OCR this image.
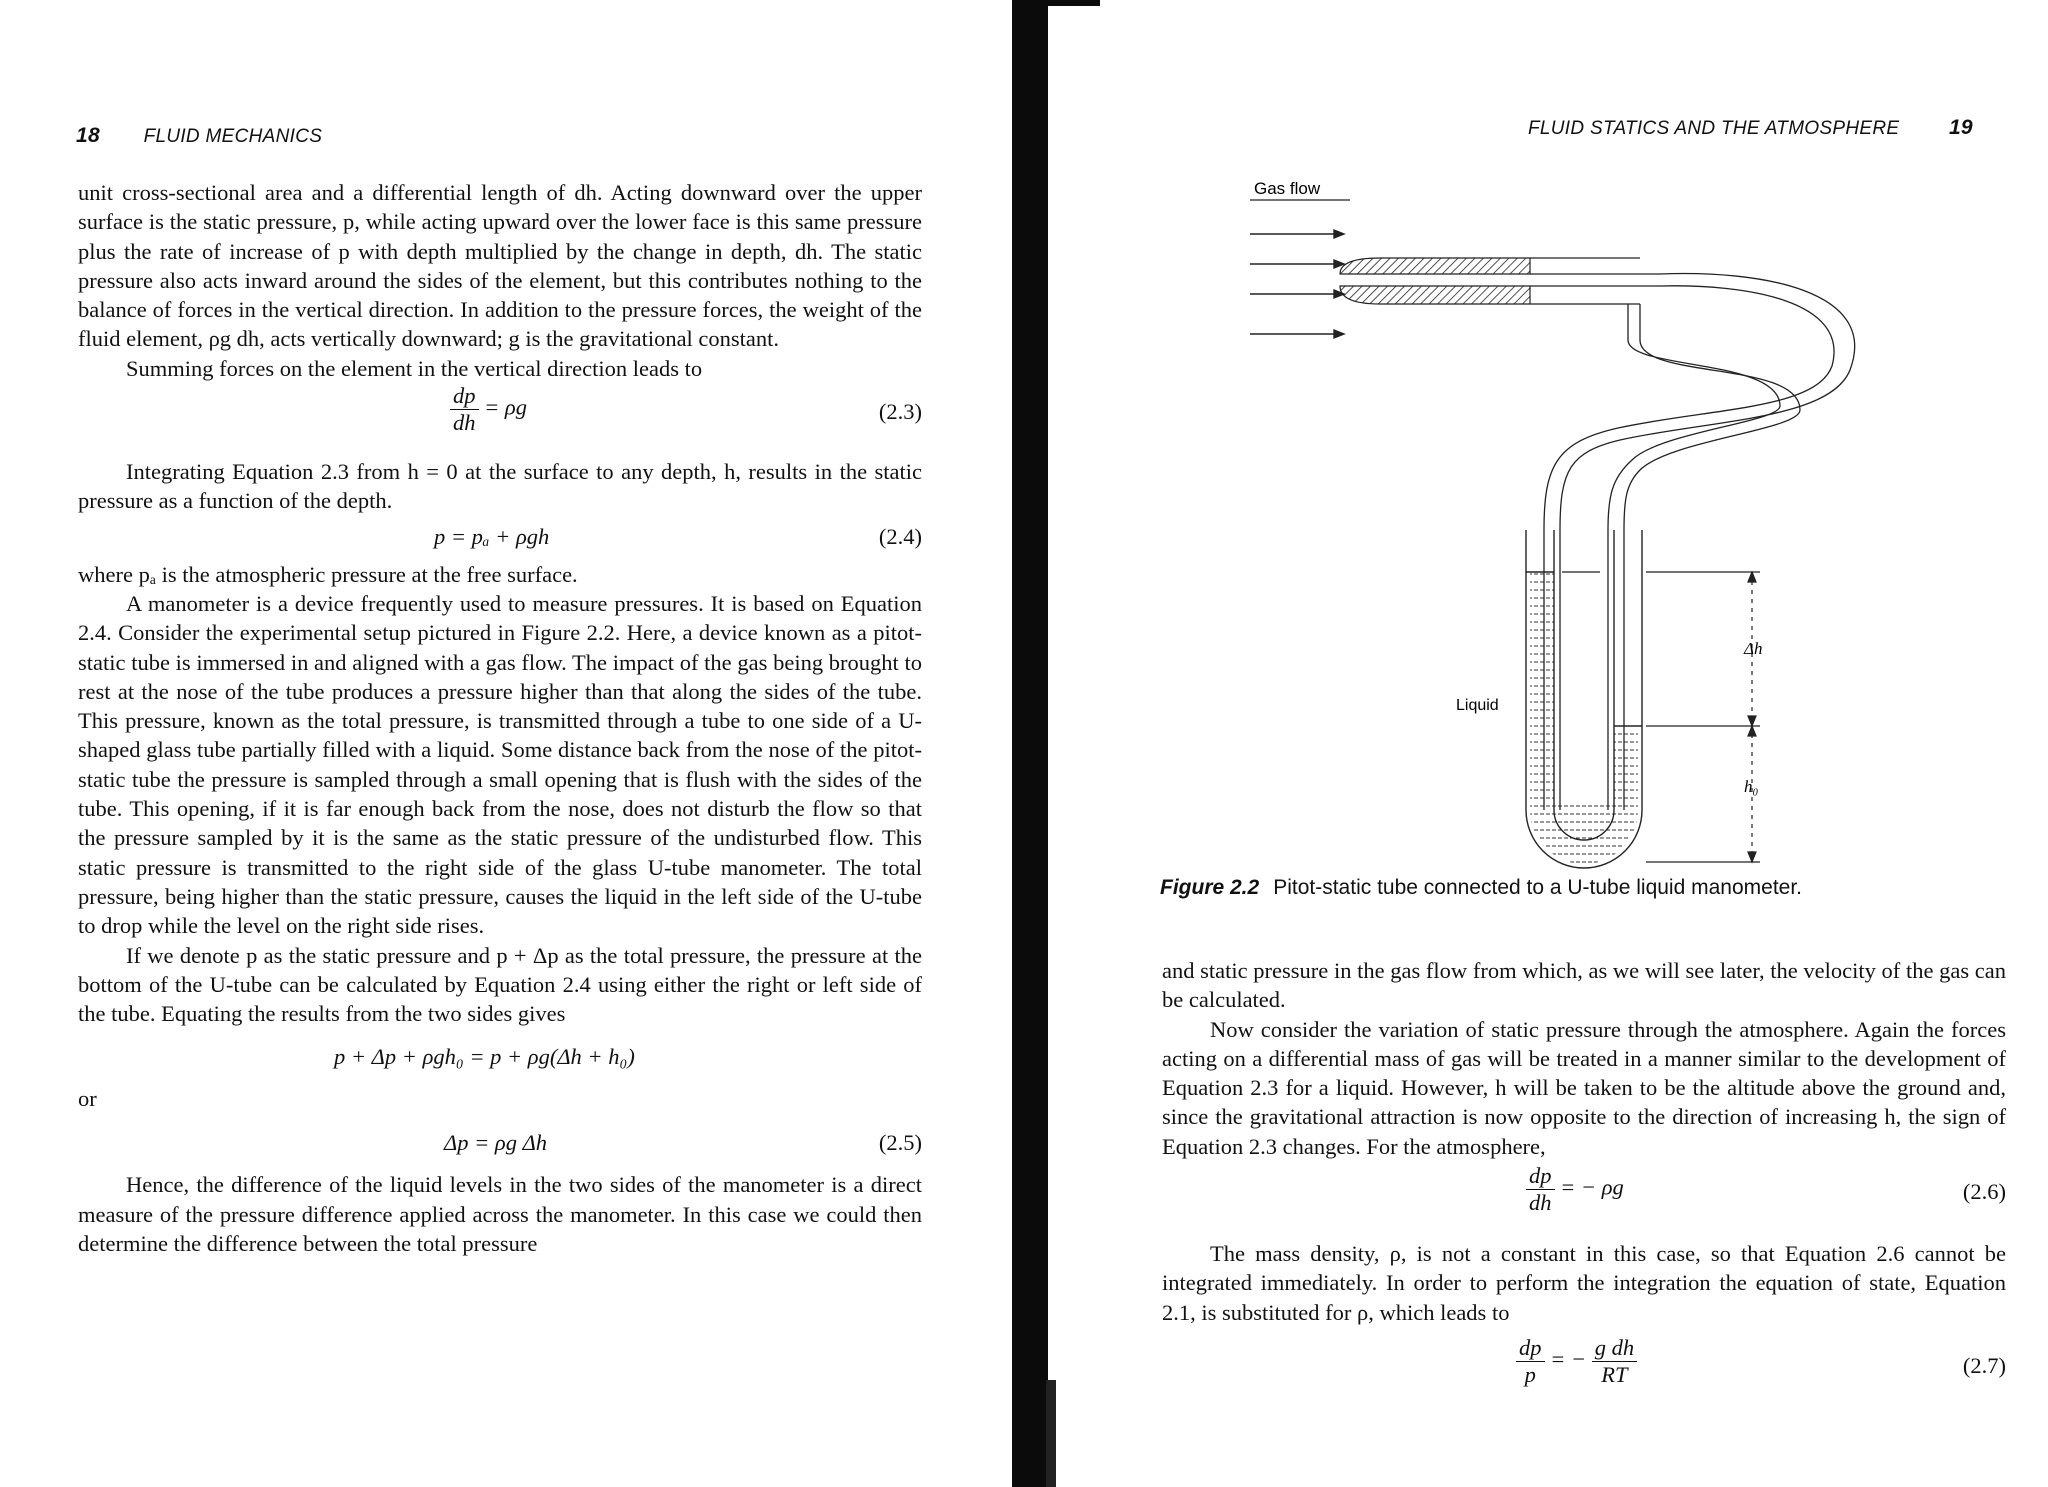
18 FLUID MECHANICS

unit cross-sectional area and a differential length of dh. Acting downward over the upper surface is the static pressure, p, while acting upward over the lower face is this same pressure plus the rate of increase of p with depth multiplied by the change in depth, dh. The static pressure also acts inward around the sides of the element, but this contributes nothing to the balance of forces in the vertical direction. In addition to the pressure forces, the weight of the fluid element, ρg dh, acts vertically downward; g is the gravitational constant.

Summing forces on the element in the vertical direction leads to

$\frac{dp}{dh} = \rho g$	(2.3)

Integrating Equation 2.3 from h = 0 at the surface to any depth, h, results in the static pressure as a function of the depth.

p = pₐ + ρgh	(2.4)

where pₐ is the atmospheric pressure at the free surface.

A manometer is a device frequently used to measure pressures. It is based on Equation 2.4. Consider the experimental setup pictured in Figure 2.2. Here, a device known as a pitot-static tube is immersed in and aligned with a gas flow. The impact of the gas being brought to rest at the nose of the tube produces a pressure higher than that along the sides of the tube. This pressure, known as the total pressure, is transmitted through a tube to one side of a U-shaped glass tube partially filled with a liquid. Some distance back from the nose of the pitot-static tube the pressure is sampled through a small opening that is flush with the sides of the tube. This opening, if it is far enough back from the nose, does not disturb the flow so that the pressure sampled by it is the same as the static pressure of the undisturbed flow. This static pressure is transmitted to the right side of the glass U-tube manometer. The total pressure, being higher than the static pressure, causes the liquid in the left side of the U-tube to drop while the level on the right side rises.

If we denote p as the static pressure and p + Δp as the total pressure, the pressure at the bottom of the U-tube can be calculated by Equation 2.4 using either the right or left side of the tube. Equating the results from the two sides gives

p + Δp + ρgh₀ = p + ρg(Δh + h₀)

or

Δp = ρg Δh	(2.5)

Hence, the difference of the liquid levels in the two sides of the manometer is a direct measure of the pressure difference applied across the manometer. In this case we could then determine the difference between the total pressure

FLUID STATICS AND THE ATMOSPHERE 19
Gas flow
Liquid
Δh
h₀
Figure 2.2 Pitot-static tube connected to a U-tube liquid manometer.

and static pressure in the gas flow from which, as we will see later, the velocity of the gas can be calculated.

Now consider the variation of static pressure through the atmosphere. Again the forces acting on a differential mass of gas will be treated in a manner similar to the development of Equation 2.3 for a liquid. However, h will be taken to be the altitude above the ground and, since the gravitational attraction is now opposite to the direction of increasing h, the sign of Equation 2.3 changes. For the atmosphere,

$\frac{dp}{dh}$ = − ρg	(2.6)

The mass density, ρ, is not a constant in this case, so that Equation 2.6 cannot be integrated immediately. In order to perform the integration the equation of state, Equation 2.1, is substituted for ρ, which leads to

$\frac{dp}{p}$ = − $\frac{\text{g dh}}{RT}$	(2.7)
